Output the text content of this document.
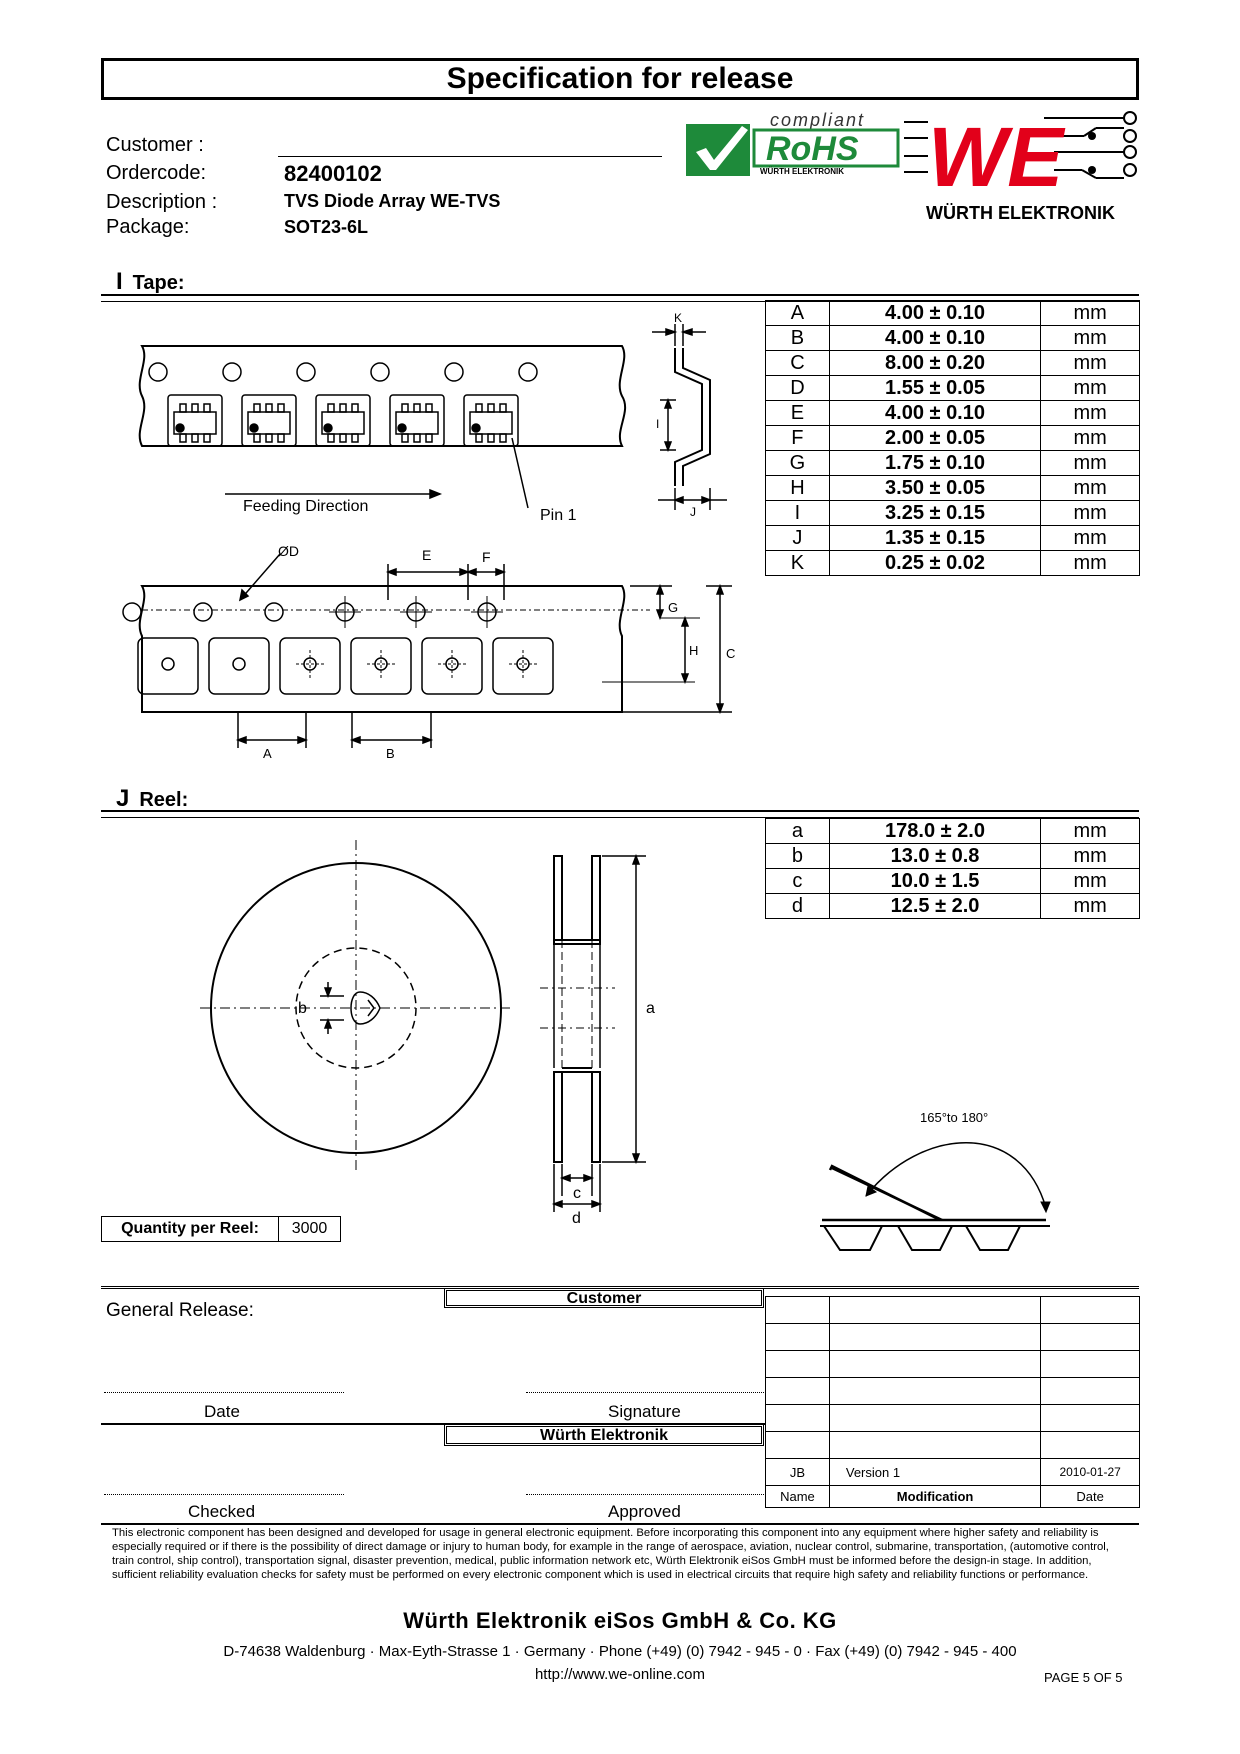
Specification for release
Customer :
Ordercode:	82400102
Description :	TVS Diode Array WE-TVS
Package:	SOT23-6L
compliant
RoHS
WÜRTH ELEKTRONIK WE
WÜRTH ELEKTRONIK
I Tape:
A	4.00 ± 0.10	mm
B	4.00 ± 0.10	mm
C	8.00 ± 0.20	mm
D	1.55 ± 0.05	mm
E	4.00 ± 0.10	mm
F	2.00 ± 0.05	mm
G	1.75 ± 0.10	mm
H	3.50 ± 0.05	mm
I	3.25 ± 0.15	mm
J	1.35 ± 0.15	mm
K	0.25 ± 0.02	mm
Feeding Direction
Pin 1
K
I
J
ØD	E	F
G
H C
A	B
J Reel:
a	178.0 ± 2.0	mm
b	13.0 ± 0.8	mm
c	10.0 ± 1.5	mm
d	12.5 ± 2.0	mm
b	a
c
d
165°to 180°
Quantity per Reel:	3000
General Release:
Customer
Date	Signature
Würth Elektronik
Checked	Approved

JB	Version 1	2010-01-27
Name	Modification	Date
This electronic component has been designed and developed for usage in general electronic equipment. Before incorporating this component into any equipment where higher safety and reliability is especially required or if there is the possibility of direct damage or injury to human body, for example in the range of aerospace, aviation, nuclear control, submarine, transportation, (automotive control, train control, ship control), transportation signal, disaster prevention, medical, public information network etc, Würth Elektronik eiSos GmbH must be informed before the design-in stage. In addition, sufficient reliability evaluation checks for safety must be performed on every electronic component which is used in electrical circuits that require high safety and reliability functions or performance.
Würth Elektronik eiSos GmbH & Co. KG
D-74638 Waldenburg · Max-Eyth-Strasse 1 · Germany · Phone (+49) (0) 7942 - 945 - 0 · Fax (+49) (0) 7942 - 945 - 400
http://www.we-online.com	PAGE 5 OF 5
